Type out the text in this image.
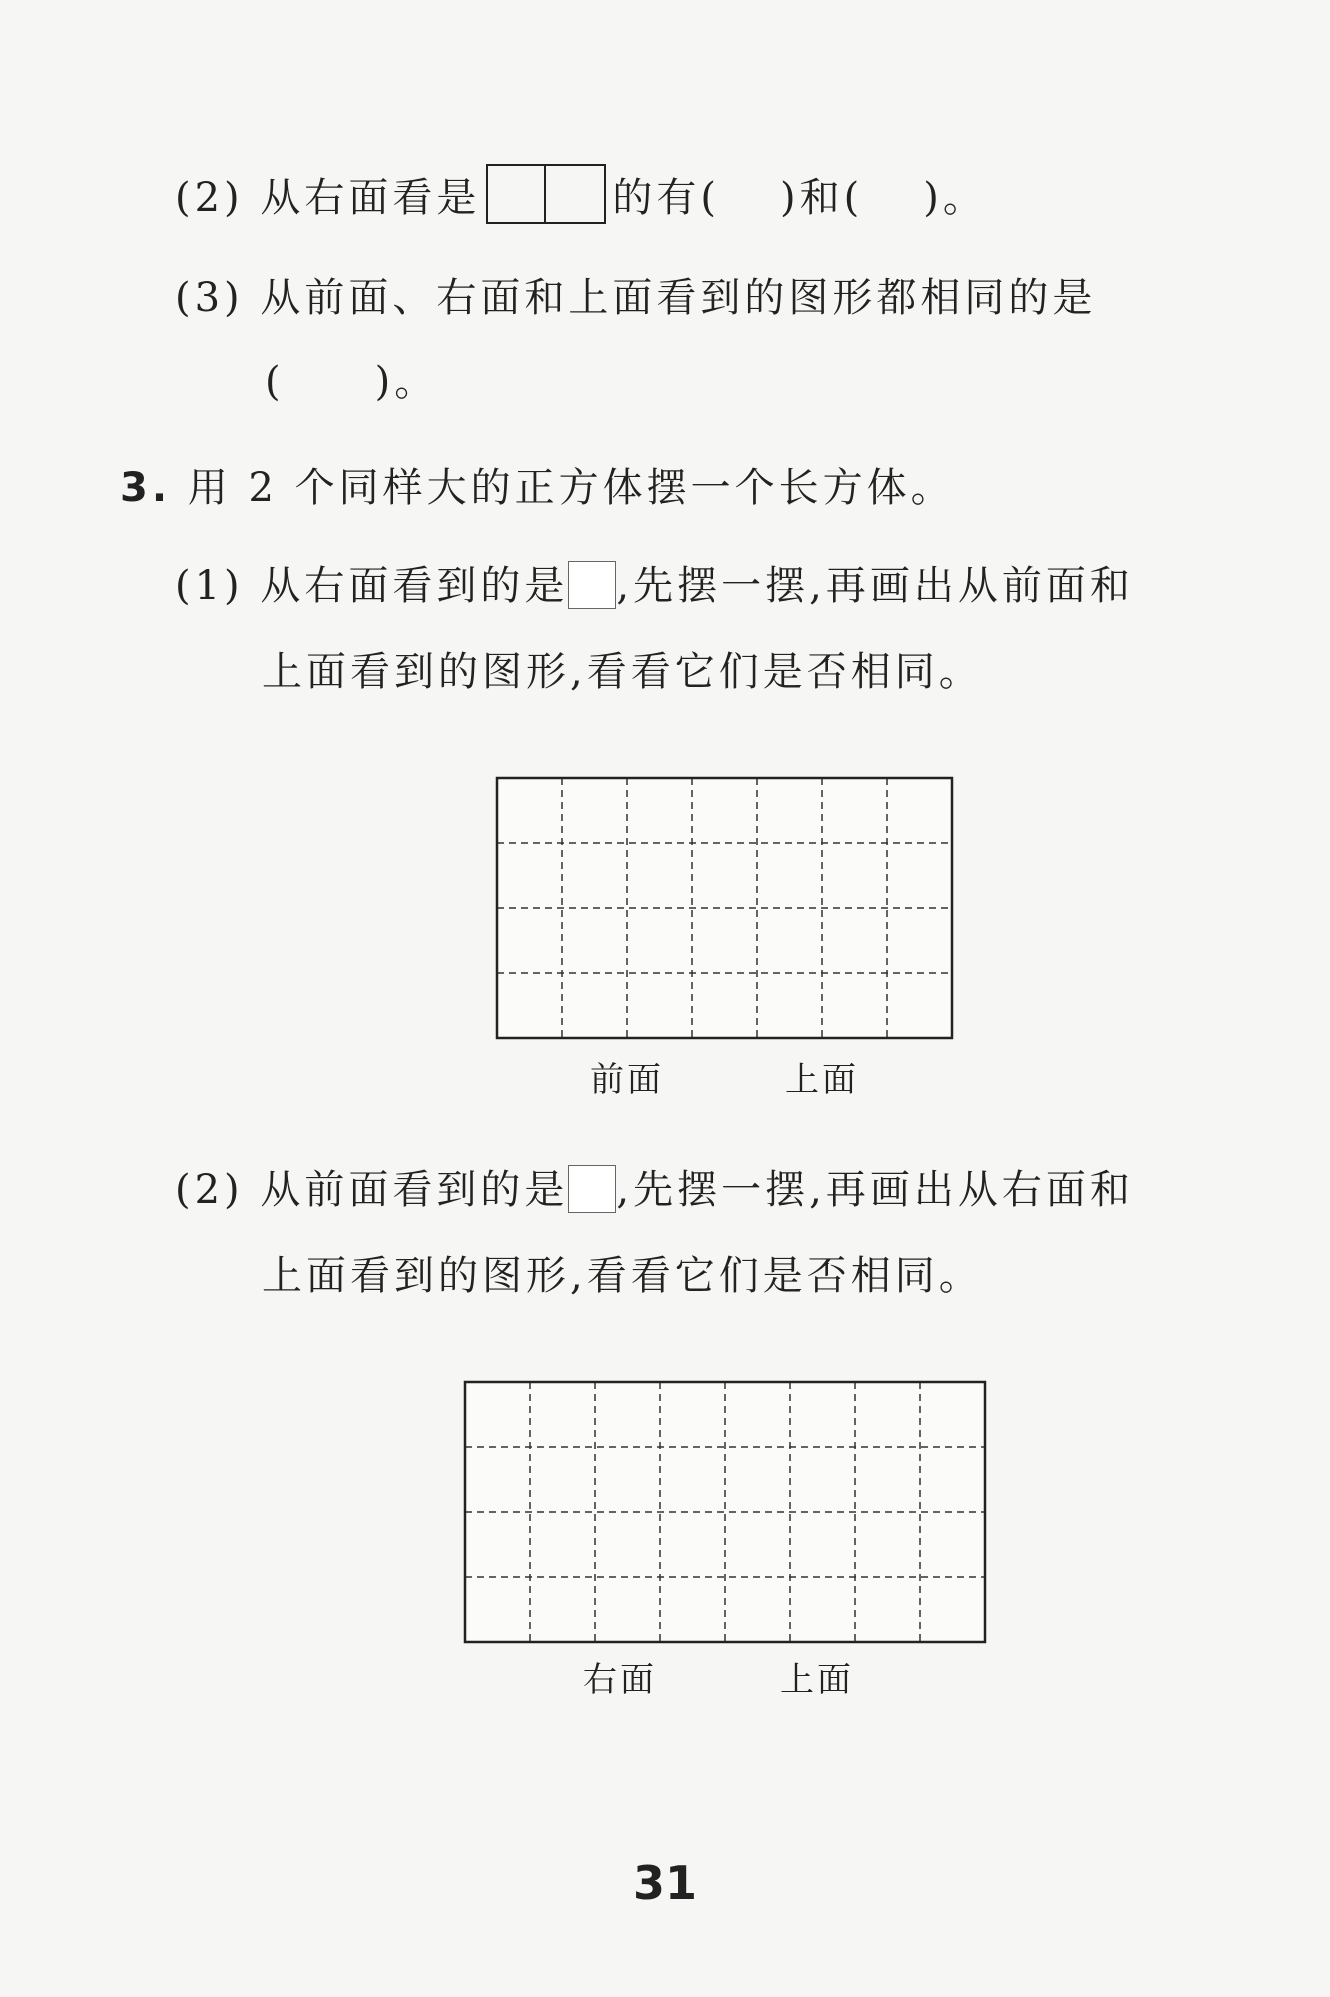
(2) 从右面看是	的有( )和( )。
(3) 从前面、右面和上面看到的图形都相同的是
( )。
3. 用 2 个同样大的正方体摆一个长方体。
(1) 从右面看到的是 ,先摆一摆,再画出从前面和
上面看到的图形,看看它们是否相同。
前面	上面
(2) 从前面看到的是 ,先摆一摆,再画出从右面和
上面看到的图形,看看它们是否相同。
右面	上面
31
